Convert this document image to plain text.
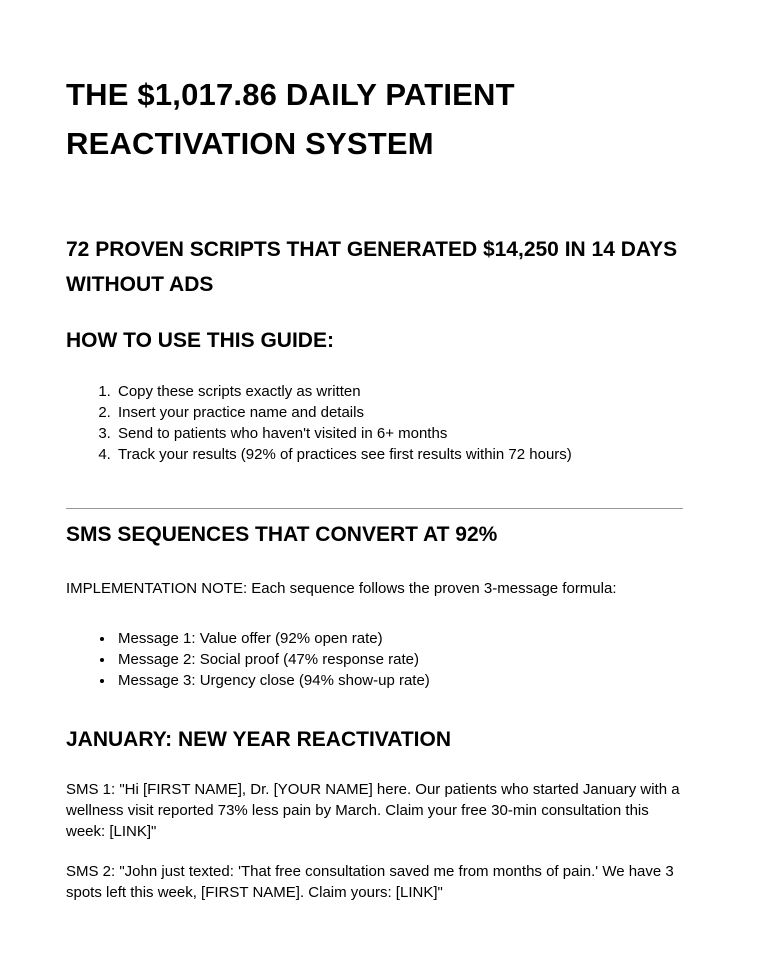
THE $1,017.86 DAILY PATIENT REACTIVATION SYSTEM
72 PROVEN SCRIPTS THAT GENERATED $14,250 IN 14 DAYS WITHOUT ADS
HOW TO USE THIS GUIDE:
1. Copy these scripts exactly as written
2. Insert your practice name and details
3. Send to patients who haven't visited in 6+ months
4. Track your results (92% of practices see first results within 72 hours)
SMS SEQUENCES THAT CONVERT AT 92%

IMPLEMENTATION NOTE: Each sequence follows the proven 3-message formula:

• Message 1: Value offer (92% open rate)
• Message 2: Social proof (47% response rate)
• Message 3: Urgency close (94% show-up rate)
JANUARY: NEW YEAR REACTIVATION

SMS 1: "Hi [FIRST NAME], Dr. [YOUR NAME] here. Our patients who started January with a wellness visit reported 73% less pain by March. Claim your free 30-min consultation this week: [LINK]"

SMS 2: "John just texted: 'That free consultation saved me from months of pain.' We have 3 spots left this week, [FIRST NAME]. Claim yours: [LINK]"
